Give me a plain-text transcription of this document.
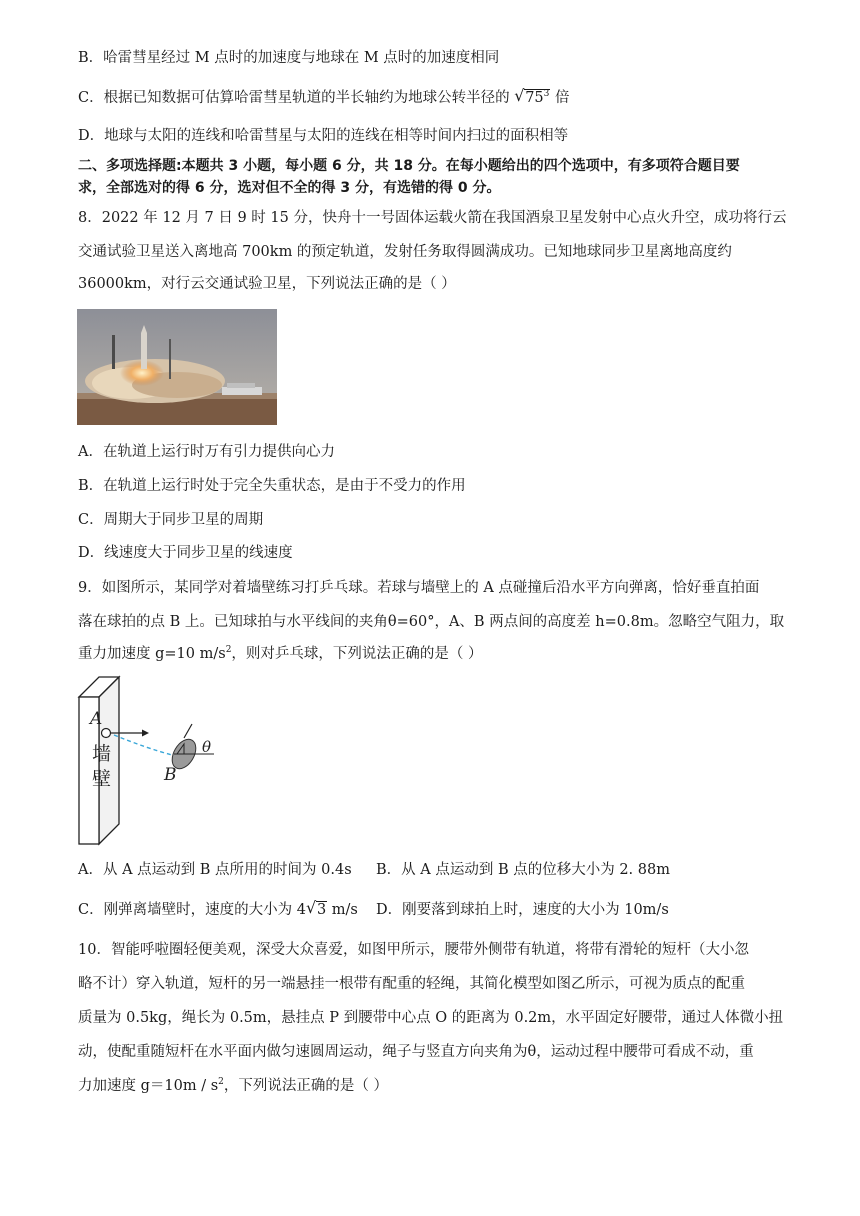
B．哈雷彗星经过 M 点时的加速度与地球在 M 点时的加速度相同
C．根据已知数据可估算哈雷彗星轨道的半长轴约为地球公转半径的 √ $75^3$ 倍
D．地球与太阳的连线和哈雷彗星与太阳的连线在相等时间内扫过的面积相等
二、多项选择题:本题共 3 小题，每小题 6 分，共 18 分。在每小题给出的四个选项中，有多项符合题目要
求，全部选对的得 6 分，选对但不全的得 3 分，有选错的得 0 分。
8．2022 年 12 月 7 日 9 时 15 分，快舟十一号固体运载火箭在我国酒泉卫星发射中心点火升空，成功将行云
交通试验卫星送入离地高 700km 的预定轨道，发射任务取得圆满成功。已知地球同步卫星离地高度约
36000km，对行云交通试验卫星，下列说法正确的是（ ）
A．在轨道上运行时万有引力提供向心力
B．在轨道上运行时处于完全失重状态，是由于不受力的作用
C．周期大于同步卫星的周期
D．线速度大于同步卫星的线速度
9．如图所示，某同学对着墙壁练习打乒乓球。若球与墙壁上的 A 点碰撞后沿水平方向弹离，恰好垂直拍面
落在球拍的点 B 上。已知球拍与水平线间的夹角θ=60°，A、B 两点间的高度差 h=0.8m。忽略空气阻力，取
重力加速度 g=10 $m/s^2$，则对乒乓球，下列说法正确的是（ ）
A
墙
壁
θ
B
A．从 A 点运动到 B 点所用的时间为 0.4s B．从 A 点运动到 B 点的位移大小为 2. 88m
C．刚弹离墙壁时，速度的大小为 4 √ 3 m/s D．刚要落到球拍上时，速度的大小为 10m/s
10．智能呼啦圈轻便美观，深受大众喜爱，如图甲所示，腰带外侧带有轨道，将带有滑轮的短杆（大小忽
略不计）穿入轨道，短杆的另一端悬挂一根带有配重的轻绳，其简化模型如图乙所示，可视为质点的配重
质量为 0.5kg，绳长为 0.5m，悬挂点 P 到腰带中心点 O 的距离为 0.2m，水平固定好腰带，通过人体微小扭
动，使配重随短杆在水平面内做匀速圆周运动，绳子与竖直方向夹角为θ，运动过程中腰带可看成不动，重
力加速度 $g=10m / s^2$，下列说法正确的是（ ）
